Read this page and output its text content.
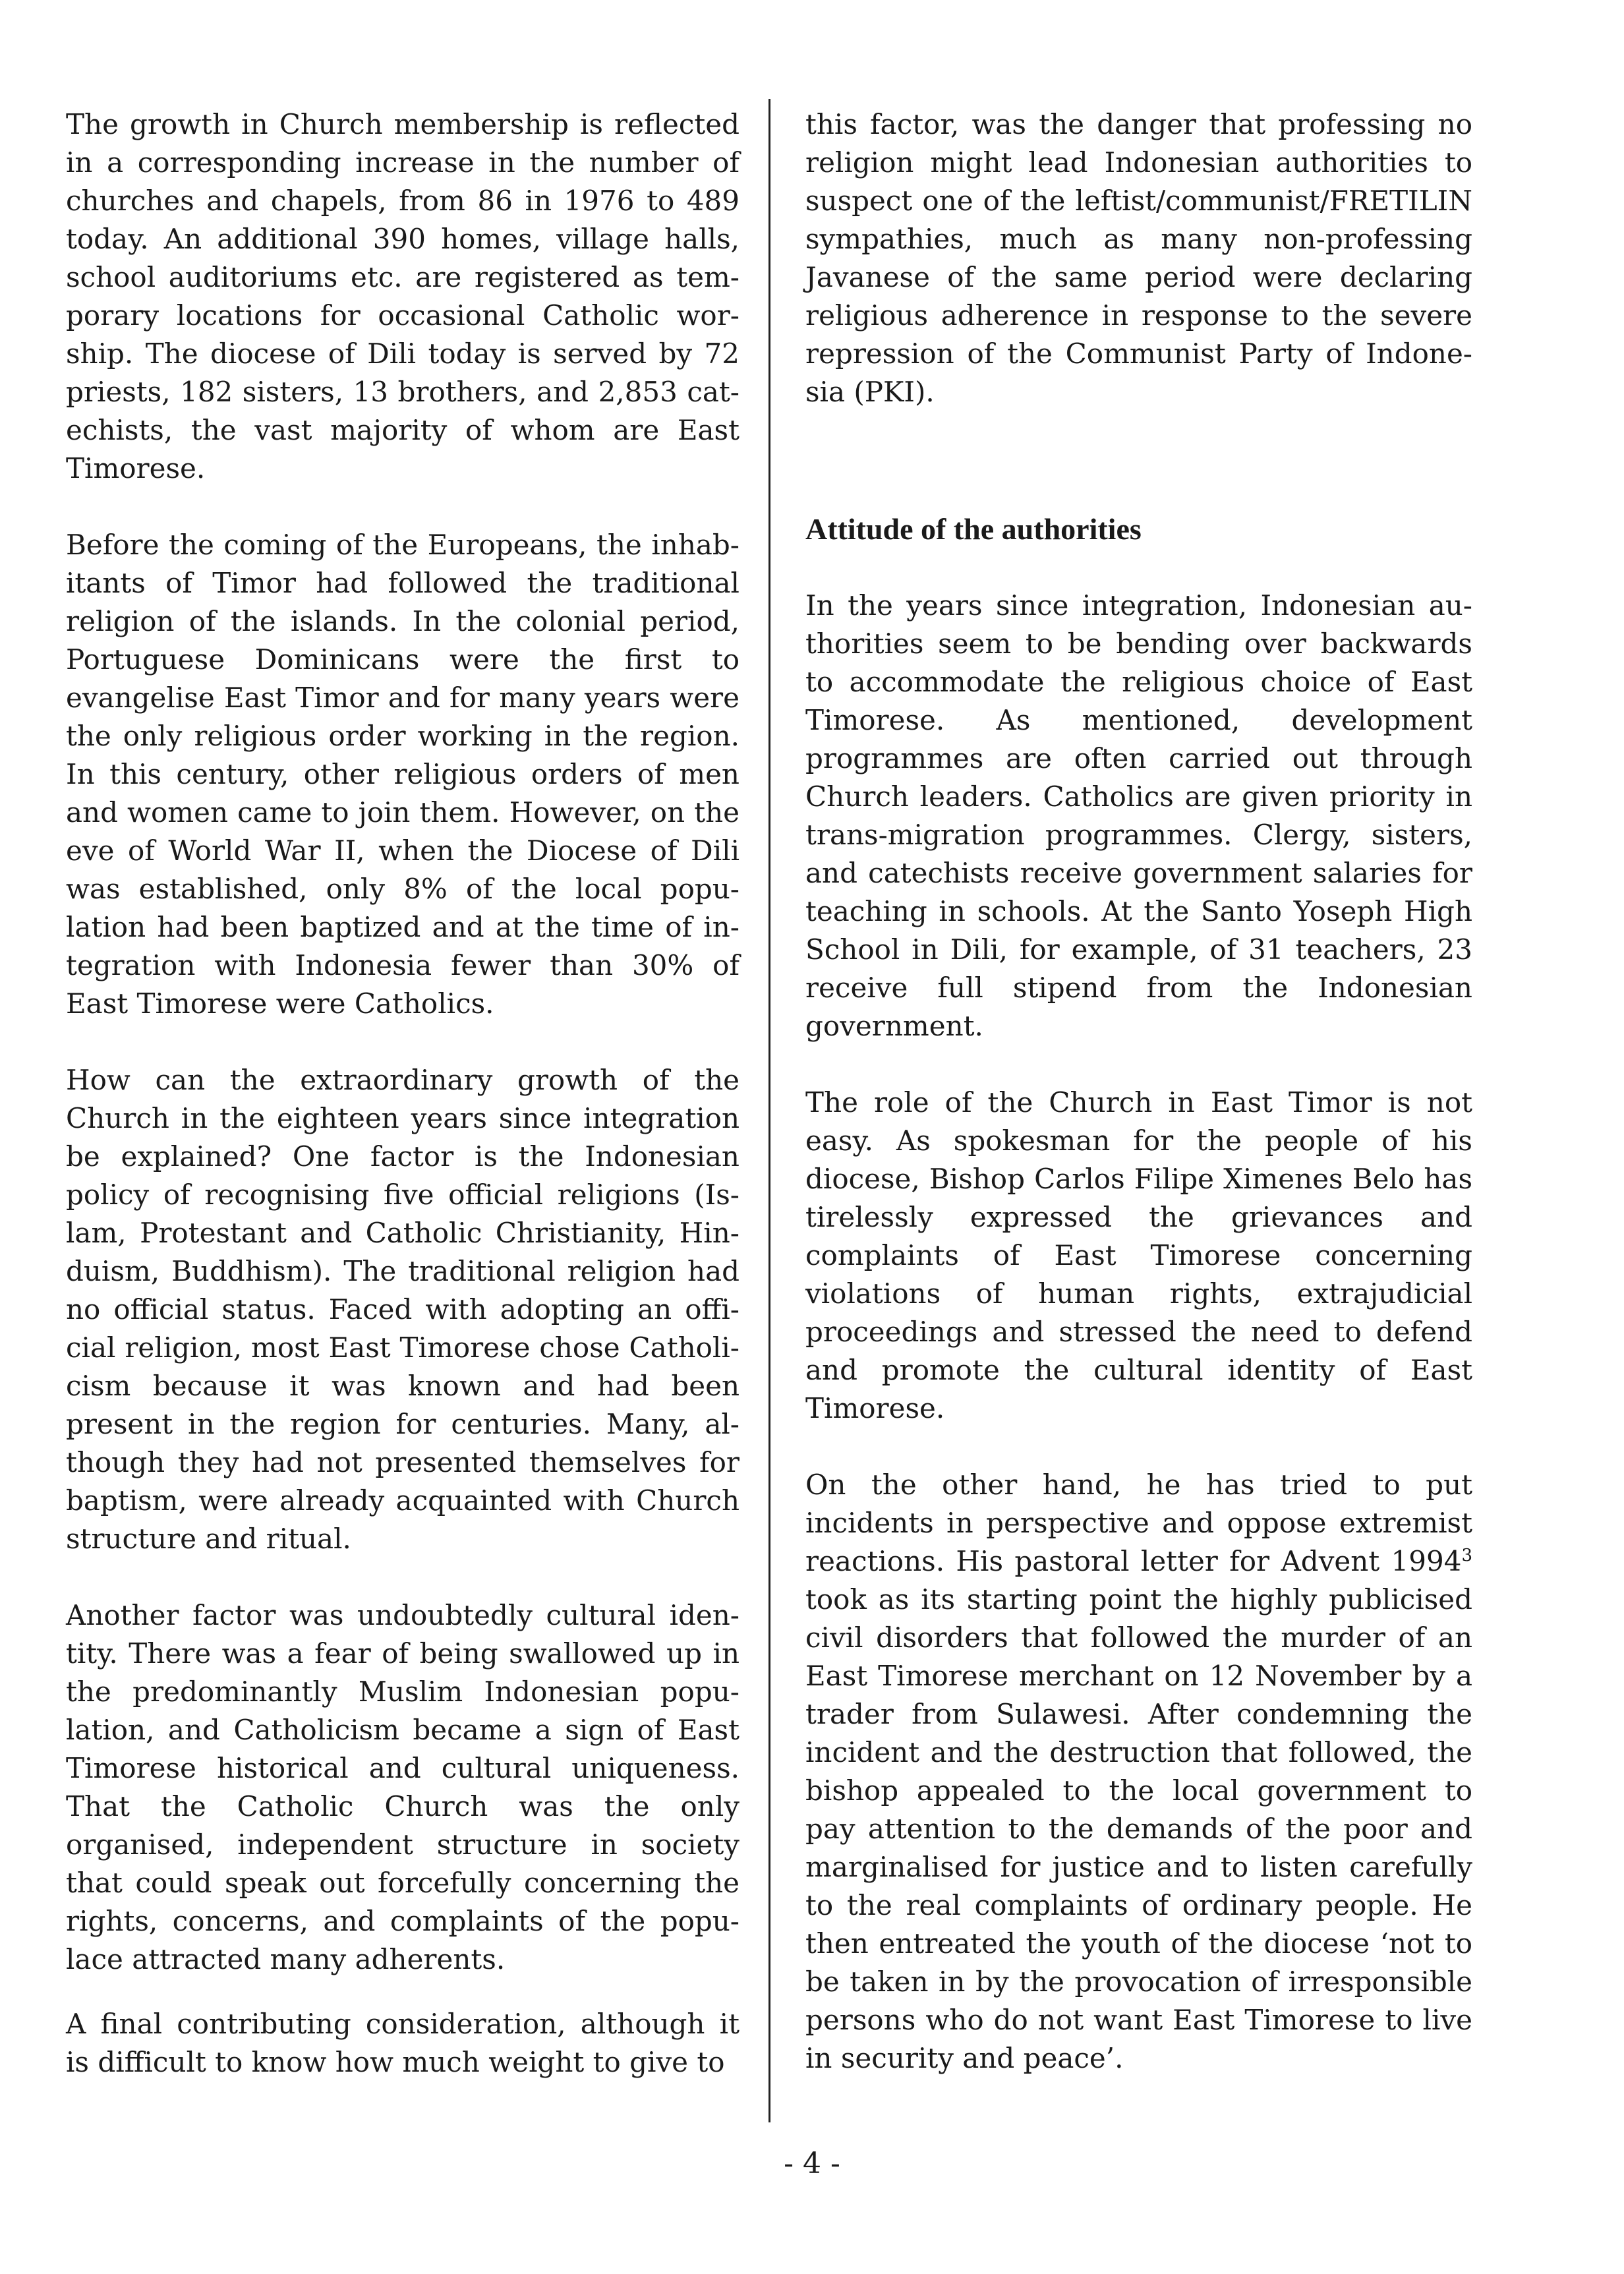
The growth in Church membership is reflected in a corresponding increase in the number of churches and chapels, from 86 in 1976 to 489 today. An additional 390 homes, village halls, school auditoriums etc. are registered as temporary locations for occasional Catholic worship. The diocese of Dili today is served by 72 priests, 182 sisters, 13 brothers, and 2,853 catechists, the vast majority of whom are East Timorese.

Before the coming of the Europeans, the inhabitants of Timor had followed the traditional religion of the islands. In the colonial period, Portuguese Dominicans were the first to evangelise East Timor and for many years were the only religious order working in the region. In this century, other religious orders of men and women came to join them. However, on the eve of World War II, when the Diocese of Dili was established, only 8% of the local population had been baptized and at the time of integration with Indonesia fewer than 30% of East Timorese were Catholics.

How can the extraordinary growth of the Church in the eighteen years since integration be explained? One factor is the Indonesian policy of recognising five official religions (Islam, Protestant and Catholic Christianity, Hinduism, Buddhism). The traditional religion had no official status. Faced with adopting an official religion, most East Timorese chose Catholicism because it was known and had been present in the region for centuries. Many, although they had not presented themselves for baptism, were already acquainted with Church structure and ritual.

Another factor was undoubtedly cultural identity. There was a fear of being swallowed up in the predominantly Muslim Indonesian population, and Catholicism became a sign of East Timorese historical and cultural uniqueness. That the Catholic Church was the only organised, independent structure in society that could speak out forcefully concerning the rights, concerns, and complaints of the populace attracted many adherents.

A final contributing consideration, although it is difficult to know how much weight to give to

this factor, was the danger that professing no religion might lead Indonesian authorities to suspect one of the leftist/communist/FRETILIN sympathies, much as many non-professing Javanese of the same period were declaring religious adherence in response to the severe repression of the Communist Party of Indonesia (PKI).

Attitude of the authorities

In the years since integration, Indonesian authorities seem to be bending over backwards to accommodate the religious choice of East Timorese. As mentioned, development programmes are often carried out through Church leaders. Catholics are given priority in trans-migration programmes. Clergy, sisters, and catechists receive government salaries for teaching in schools. At the Santo Yoseph High School in Dili, for example, of 31 teachers, 23 receive full stipend from the Indonesian government.

The role of the Church in East Timor is not easy. As spokesman for the people of his diocese, Bishop Carlos Filipe Ximenes Belo has tirelessly expressed the grievances and complaints of East Timorese concerning violations of human rights, extrajudicial proceedings and stressed the need to defend and promote the cultural identity of East Timorese.

On the other hand, he has tried to put incidents in perspective and oppose extremist reactions. His pastoral letter for Advent 1994$^3$ took as its starting point the highly publicised civil disorders that followed the murder of an East Timorese merchant on 12 November by a trader from Sulawesi. After condemning the incident and the destruction that followed, the bishop appealed to the local government to pay attention to the demands of the poor and marginalised for justice and to listen carefully to the real complaints of ordinary people. He then entreated the youth of the diocese ‘not to be taken in by the provocation of irresponsible persons who do not want East Timorese to live in security and peace’.

- 4 -
